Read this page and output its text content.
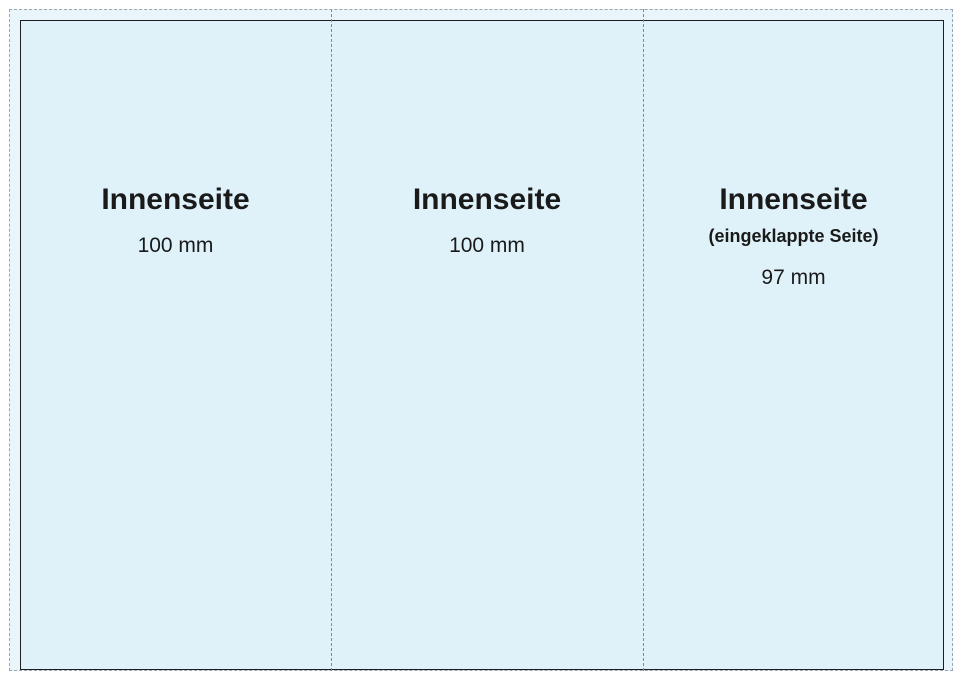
Innenseite
100 mm
Innenseite
100 mm
Innenseite
(eingeklappte Seite)
97 mm
